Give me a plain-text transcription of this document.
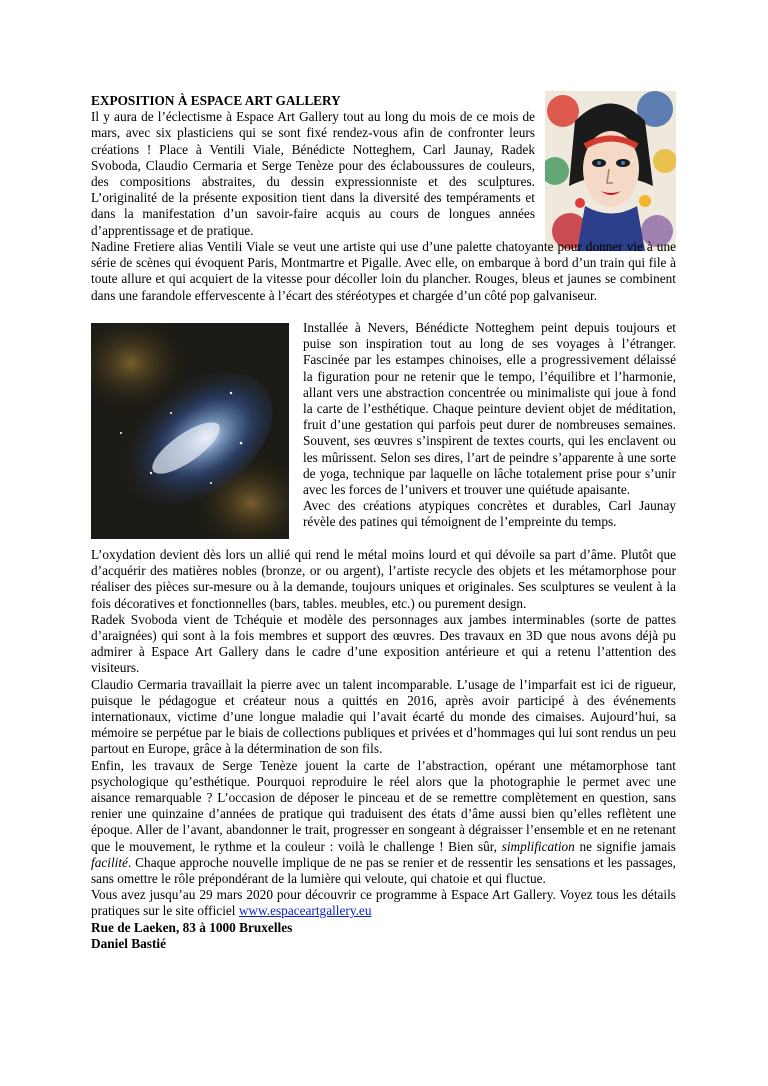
EXPOSITION À ESPACE ART GALLERY

Il y aura de l’éclectisme à Espace Art Gallery tout au long du mois de ce mois de mars, avec six plasticiens qui se sont fixé rendez-vous afin de confronter leurs créations ! Place à Ventili Viale, Bénédicte Notteghem, Carl Jaunay, Radek Svoboda, Claudio Cermaria et Serge Tenèze pour des éclaboussures de couleurs, des compositions abstraites, du dessin expressionniste et des sculptures. L’originalité de la présente exposition tient dans la diversité des tempéraments et dans la manifestation d’un savoir-faire acquis au cours de longues années d’apprentissage et de pratique.

Nadine Fretiere alias Ventili Viale se veut une artiste qui use d’une palette chatoyante pour donner vie à une série de scènes qui évoquent Paris, Montmartre et Pigalle. Avec elle, on embarque à bord d’un train qui file à toute allure et qui acquiert de la vitesse pour décoller loin du plancher. Rouges, bleus et jaunes se combinent dans une farandole effervescente à l’écart des stéréotypes et chargée d’un côté pop galvaniseur.

Installée à Nevers, Bénédicte Notteghem peint depuis toujours et puise son inspiration tout au long de ses voyages à l’étranger. Fascinée par les estampes chinoises, elle a progressivement délaissé la figuration pour ne retenir que le tempo, l’équilibre et l’harmonie, allant vers une abstraction concentrée ou minimaliste qui joue à fond la carte de l’esthétique. Chaque peinture devient objet de méditation, fruit d’une gestation qui parfois peut durer de nombreuses semaines. Souvent, ses œuvres s’inspirent de textes courts, qui les enclavent ou les mûrissent. Selon ses dires, l’art de peindre s’apparente à une sorte de yoga, technique par laquelle on lâche totalement prise pour s’unir avec les forces de l’univers et trouver une quiétude apaisante.

Avec des créations atypiques concrètes et durables, Carl Jaunay révèle des patines qui témoignent de l’empreinte du temps.

L’oxydation devient dès lors un allié qui rend le métal moins lourd et qui dévoile sa part d’âme. Plutôt que d’acquérir des matières nobles (bronze, or ou argent), l’artiste recycle des objets et les métamorphose pour réaliser des pièces sur-mesure ou à la demande, toujours uniques et originales. Ses sculptures se veulent à la fois décoratives et fonctionnelles (bars, tables. meubles, etc.) ou purement design.

Radek Svoboda vient de Tchéquie et modèle des personnages aux jambes interminables (sorte de pattes d’araignées) qui sont à la fois membres et support des œuvres. Des travaux en 3D que nous avons déjà pu admirer à Espace Art Gallery dans le cadre d’une exposition antérieure et qui a retenu l’attention des visiteurs.

Claudio Cermaria travaillait la pierre avec un talent incomparable. L’usage de l’imparfait est ici de rigueur, puisque le pédagogue et créateur nous a quittés en 2016, après avoir participé à des événements internationaux, victime d’une longue maladie qui l’avait écarté du monde des cimaises. Aujourd’hui, sa mémoire se perpétue par le biais de collections publiques et privées et d’hommages qui lui sont rendus un peu partout en Europe, grâce à la détermination de son fils.

Enfin, les travaux de Serge Tenèze jouent la carte de l’abstraction, opérant une métamorphose tant psychologique qu’esthétique. Pourquoi reproduire le réel alors que la photographie le permet avec une aisance remarquable ? L’occasion de déposer le pinceau et de se remettre complètement en question, sans renier une quinzaine d’années de pratique qui traduisent des états d’âme aussi bien qu’elles reflètent une époque. Aller de l’avant, abandonner le trait, progresser en songeant à dégraisser l’ensemble et en ne retenant que le mouvement, le rythme et la couleur : voilà le challenge ! Bien sûr, simplification ne signifie jamais facilité. Chaque approche nouvelle implique de ne pas se renier et de ressentir les sensations et les passages, sans omettre le rôle prépondérant de la lumière qui veloute, qui chatoie et qui fluctue.

Vous avez jusqu’au 29 mars 2020 pour découvrir ce programme à Espace Art Gallery. Voyez tous les détails pratiques sur le site officiel www.espaceartgallery.eu

Rue de Laeken, 83 à 1000 Bruxelles
Daniel Bastié
